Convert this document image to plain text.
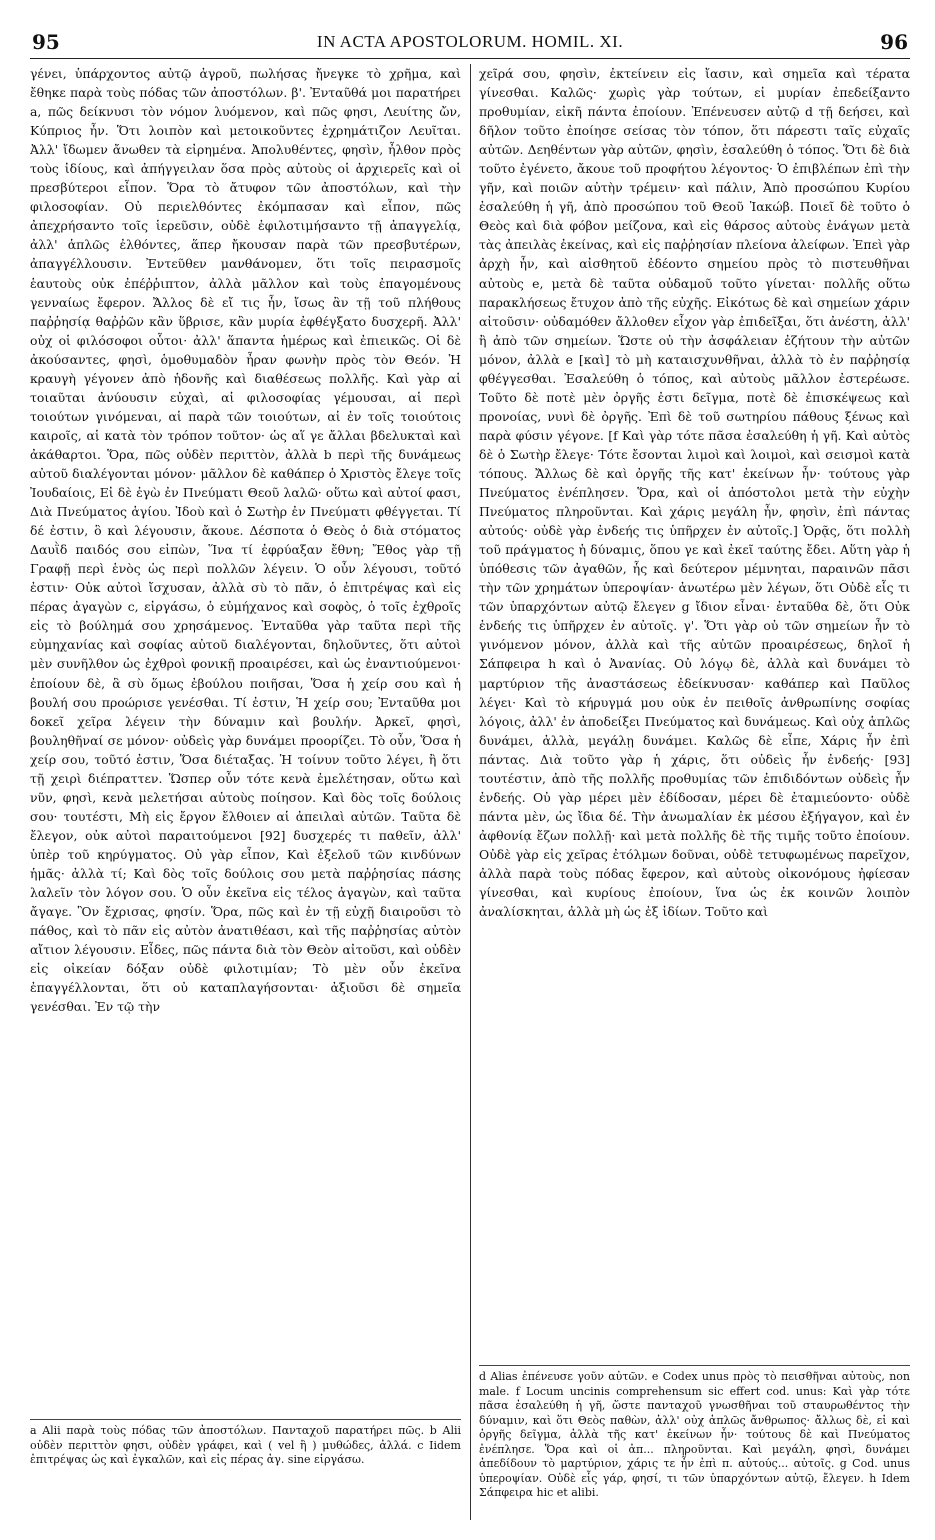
95	IN ACTA APOSTOLORUM. HOMIL. XI.	96

γένει, ὑπάρχοντος αὐτῷ ἀγροῦ, πωλήσας ἤνεγκε τὸ χρῆμα, καὶ ἔθηκε παρὰ τοὺς πόδας τῶν ἀποστόλων. β'. Ἐνταῦθά μοι παρατήρει a, πῶς δείκνυσι τὸν νόμον λυόμενον, καὶ πῶς φησι, Λευίτης ὤν, Κύπριος ἦν. Ὅτι λοιπὸν καὶ μετοικοῦντες ἐχρημάτιζον Λευῖται. Ἀλλ' ἴδωμεν ἄνωθεν τὰ εἰρημένα. Ἀπολυθέντες, φησὶν, ἦλθον πρὸς τοὺς ἰδίους, καὶ ἀπήγγειλαν ὅσα πρὸς αὐτοὺς οἱ ἀρχιερεῖς καὶ οἱ πρεσβύτεροι εἶπον. Ὅρα τὸ ἄτυφον τῶν ἀποστόλων, καὶ τὴν φιλοσοφίαν. Οὐ περιελθόντες ἐκόμπασαν καὶ εἶπον, πῶς ἀπεχρήσαντο τοῖς ἱερεῦσιν, οὐδὲ ἐφιλοτιμήσαντο τῇ ἀπαγγελίᾳ, ἀλλ' ἁπλῶς ἐλθόντες, ἅπερ ἤκουσαν παρὰ τῶν πρεσβυτέρων, ἀπαγγέλλουσιν. Ἐντεῦθεν μανθάνομεν, ὅτι τοῖς πειρασμοῖς ἑαυτοὺς οὐκ ἐπέῤῥιπτον, ἀλλὰ μᾶλλον καὶ τοὺς ἐπαγομένους γενναίως ἔφερον. Ἄλλος δὲ εἴ τις ἦν, ἴσως ἂν τῇ τοῦ πλήθους παῤῥησίᾳ θαῤῥῶν κἂν ὕβρισε, κἂν μυρία ἐφθέγξατο δυσχερῆ. Ἀλλ' οὐχ οἱ φιλόσοφοι οὗτοι· ἀλλ' ἅπαντα ἡμέρως καὶ ἐπιεικῶς. Οἱ δὲ ἀκούσαντες, φησὶ, ὁμοθυμαδὸν ἦραν φωνὴν πρὸς τὸν Θεόν. Ἡ κραυγὴ γέγονεν ἀπὸ ἡδονῆς καὶ διαθέσεως πολλῆς. Καὶ γὰρ αἱ τοιαῦται ἀνύουσιν εὐχαὶ, αἱ φιλοσοφίας γέμουσαι, αἱ περὶ τοιούτων γινόμεναι, αἱ παρὰ τῶν τοιούτων, αἱ ἐν τοῖς τοιούτοις καιροῖς, αἱ κατὰ τὸν τρόπον τοῦτον· ὡς αἵ γε ἄλλαι βδελυκταὶ καὶ ἀκάθαρτοι. Ὅρα, πῶς οὐδὲν περιττὸν, ἀλλὰ b περὶ τῆς δυνάμεως αὐτοῦ διαλέγονται μόνον· μᾶλλον δὲ καθάπερ ὁ Χριστὸς ἔλεγε τοῖς Ἰουδαίοις, Εἰ δὲ ἐγὼ ἐν Πνεύματι Θεοῦ λαλῶ· οὕτω καὶ αὐτοί φασι, Διὰ Πνεύματος ἁγίου. Ἰδοὺ καὶ ὁ Σωτὴρ ἐν Πνεύματι φθέγγεται. Τί δέ ἐστιν, ὃ καὶ λέγουσιν, ἄκουε. Δέσποτα ὁ Θεὸς ὁ διὰ στόματος Δαυῒδ παιδός σου εἰπὼν, Ἵνα τί ἐφρύαξαν ἔθνη; Ἔθος γὰρ τῇ Γραφῇ περὶ ἑνὸς ὡς περὶ πολλῶν λέγειν. Ὁ οὖν λέγουσι, τοῦτό ἐστιν· Οὐκ αὐτοὶ ἴσχυσαν, ἀλλὰ σὺ τὸ πᾶν, ὁ ἐπιτρέψας καὶ εἰς πέρας ἀγαγὼν c, εἰργάσω, ὁ εὐμήχανος καὶ σοφὸς, ὁ τοῖς ἐχθροῖς εἰς τὸ βούλημά σου χρησάμενος. Ἐνταῦθα γὰρ ταῦτα περὶ τῆς εὐμηχανίας καὶ σοφίας αὐτοῦ διαλέγονται, δηλοῦντες, ὅτι αὐτοὶ μὲν συνῆλθον ὡς ἐχθροὶ φονικῇ προαιρέσει, καὶ ὡς ἐναντιούμενοι· ἐποίουν δὲ, ἃ σὺ ὅμως ἐβούλου ποιῆσαι, Ὅσα ἡ χείρ σου καὶ ἡ βουλή σου προώρισε γενέσθαι. Τί ἐστιν, Ἡ χείρ σου; Ἐνταῦθα μοι δοκεῖ χεῖρα λέγειν τὴν δύναμιν καὶ βουλήν. Ἀρκεῖ, φησὶ, βουληθῆναί σε μόνον· οὐδεὶς γὰρ δυνάμει προορίζει. Τὸ οὖν, Ὅσα ἡ χείρ σου, τοῦτό ἐστιν, Ὅσα διέταξας. Ἡ τοίνυν τοῦτο λέγει, ἢ ὅτι τῇ χειρὶ διέπραττεν. Ὥσπερ οὖν τότε κενὰ ἐμελέτησαν, οὕτω καὶ νῦν, φησὶ, κενὰ μελετήσαι αὐτοὺς ποίησον. Καὶ δὸς τοῖς δούλοις σου· τουτέστι, Μὴ εἰς ἔργον ἔλθοιεν αἱ ἀπειλαὶ αὐτῶν. Ταῦτα δὲ ἔλεγον, οὐκ αὐτοὶ παραιτούμενοι [92] δυσχερές τι παθεῖν, ἀλλ' ὑπὲρ τοῦ κηρύγματος. Οὐ γὰρ εἶπον, Καὶ ἐξελοῦ τῶν κινδύνων ἡμᾶς· ἀλλὰ τί; Καὶ δὸς τοῖς δούλοις σου μετὰ παῤῥησίας πάσης λαλεῖν τὸν λόγον σου. Ὁ οὖν ἐκεῖνα εἰς τέλος ἀγαγὼν, καὶ ταῦτα ἄγαγε. Ὃν ἔχρισας, φησίν. Ὅρα, πῶς καὶ ἐν τῇ εὐχῇ διαιροῦσι τὸ πάθος, καὶ τὸ πᾶν εἰς αὐτὸν ἀνατιθέασι, καὶ τῆς παῤῥησίας αὐτὸν αἴτιον λέγουσιν. Εἶδες, πῶς πάντα διὰ τὸν Θεὸν αἰτοῦσι, καὶ οὐδὲν εἰς οἰκείαν δόξαν οὐδὲ φιλοτιμίαν; Τὸ μὲν οὖν ἐκεῖνα ἐπαγγέλλονται, ὅτι οὐ καταπλαγήσονται· ἀξιοῦσι δὲ σημεῖα γενέσθαι. Ἐν τῷ τὴν

a Alii παρὰ τοὺς πόδας τῶν ἀποστόλων. Πανταχοῦ παρατήρει πῶς. b Alii οὐδὲν περιττὸν φησι, οὐδὲν γράφει, καὶ ( vel ἢ ) μυθώδες, ἀλλά. c Iidem ἐπιτρέψας ὡς καὶ ἐγκαλῶν, καὶ εἰς πέρας ἀγ. sine εἰργάσω.

χεῖρά σου, φησὶν, ἐκτείνειν εἰς ἴασιν, καὶ σημεῖα καὶ τέρατα γίνεσθαι. Καλῶς· χωρὶς γὰρ τούτων, εἰ μυρίαν ἐπεδείξαντο προθυμίαν, εἰκῆ πάντα ἐποίουν. Ἐπένευσεν αὐτῷ d τῇ δεήσει, καὶ δῆλον τοῦτο ἐποίησε σείσας τὸν τόπον, ὅτι πάρεστι ταῖς εὐχαῖς αὐτῶν. Δεηθέντων γὰρ αὐτῶν, φησὶν, ἐσαλεύθη ὁ τόπος. Ὅτι δὲ διὰ τοῦτο ἐγένετο, ἄκουε τοῦ προφήτου λέγοντος· Ὁ ἐπιβλέπων ἐπὶ τὴν γῆν, καὶ ποιῶν αὐτὴν τρέμειν· καὶ πάλιν, Ἀπὸ προσώπου Κυρίου ἐσαλεύθη ἡ γῆ, ἀπὸ προσώπου τοῦ Θεοῦ Ἰακώβ. Ποιεῖ δὲ τοῦτο ὁ Θεὸς καὶ διὰ φόβον μείζονα, καὶ εἰς θάρσος αὐτοὺς ἐνάγων μετὰ τὰς ἀπειλὰς ἐκείνας, καὶ εἰς παῤῥησίαν πλείονα ἀλείφων. Ἐπεὶ γὰρ ἀρχὴ ἦν, καὶ αἰσθητοῦ ἐδέοντο σημείου πρὸς τὸ πιστευθῆναι αὐτοὺς e, μετὰ δὲ ταῦτα οὐδαμοῦ τοῦτο γίνεται· πολλῆς οὕτω παρακλήσεως ἔτυχον ἀπὸ τῆς εὐχῆς. Εἰκότως δὲ καὶ σημείων χάριν αἰτοῦσιν· οὐδαμόθεν ἄλλοθεν εἶχον γὰρ ἐπιδεῖξαι, ὅτι ἀνέστη, ἀλλ' ἢ ἀπὸ τῶν σημείων. Ὥστε οὐ τὴν ἀσφάλειαν ἐζήτουν τὴν αὐτῶν μόνον, ἀλλὰ e [καὶ] τὸ μὴ καταισχυνθῆναι, ἀλλὰ τὸ ἐν παῤῥησίᾳ φθέγγεσθαι. Ἐσαλεύθη ὁ τόπος, καὶ αὐτοὺς μᾶλλον ἐστερέωσε. Τοῦτο δὲ ποτὲ μὲν ὀργῆς ἐστι δεῖγμα, ποτὲ δὲ ἐπισκέψεως καὶ προνοίας, νυνὶ δὲ ὀργῆς. Ἐπὶ δὲ τοῦ σωτηρίου πάθους ξένως καὶ παρὰ φύσιν γέγονε. [f Καὶ γὰρ τότε πᾶσα ἐσαλεύθη ἡ γῆ. Καὶ αὐτὸς δὲ ὁ Σωτὴρ ἔλεγε· Τότε ἔσονται λιμοὶ καὶ λοιμοὶ, καὶ σεισμοὶ κατὰ τόπους. Ἄλλως δὲ καὶ ὀργῆς τῆς κατ' ἐκείνων ἦν· τούτους γὰρ Πνεύματος ἐνέπλησεν. Ὅρα, καὶ οἱ ἀπόστολοι μετὰ τὴν εὐχὴν Πνεύματος πληροῦνται. Καὶ χάρις μεγάλη ἦν, φησὶν, ἐπὶ πάντας αὐτούς· οὐδὲ γὰρ ἐνδεής τις ὑπῆρχεν ἐν αὐτοῖς.] Ὁρᾷς, ὅτι πολλὴ τοῦ πράγματος ἡ δύναμις, ὅπου γε καὶ ἐκεῖ ταύτης ἔδει. Αὕτη γὰρ ἡ ὑπόθεσις τῶν ἀγαθῶν, ἧς καὶ δεύτερον μέμνηται, παραινῶν πᾶσι τὴν τῶν χρημάτων ὑπεροψίαν· ἀνωτέρω μὲν λέγων, ὅτι Οὐδὲ εἷς τι τῶν ὑπαρχόντων αὐτῷ ἔλεγεν g ἴδιον εἶναι· ἐνταῦθα δὲ, ὅτι Οὐκ ἐνδεής τις ὑπῆρχεν ἐν αὐτοῖς. γ'. Ὅτι γὰρ οὐ τῶν σημείων ἦν τὸ γινόμενον μόνον, ἀλλὰ καὶ τῆς αὐτῶν προαιρέσεως, δηλοῖ ἡ Σάπφειρα h καὶ ὁ Ἀνανίας. Οὐ λόγῳ δὲ, ἀλλὰ καὶ δυνάμει τὸ μαρτύριον τῆς ἀναστάσεως ἐδείκνυσαν· καθάπερ καὶ Παῦλος λέγει· Καὶ τὸ κήρυγμά μου οὐκ ἐν πειθοῖς ἀνθρωπίνης σοφίας λόγοις, ἀλλ' ἐν ἀποδείξει Πνεύματος καὶ δυνάμεως. Καὶ οὐχ ἁπλῶς δυνάμει, ἀλλὰ, μεγάλῃ δυνάμει. Καλῶς δὲ εἶπε, Χάρις ἦν ἐπὶ πάντας. Διὰ τοῦτο γὰρ ἡ χάρις, ὅτι οὐδεὶς ἦν ἐνδεής· [93] τουτέστιν, ἀπὸ τῆς πολλῆς προθυμίας τῶν ἐπιδιδόντων οὐδεὶς ἦν ἐνδεής. Οὐ γὰρ μέρει μὲν ἐδίδοσαν, μέρει δὲ ἐταμιεύοντο· οὐδὲ πάντα μὲν, ὡς ἴδια δέ. Τὴν ἀνωμαλίαν ἐκ μέσου ἐξήγαγον, καὶ ἐν ἀφθονίᾳ ἔζων πολλῇ· καὶ μετὰ πολλῆς δὲ τῆς τιμῆς τοῦτο ἐποίουν. Οὐδὲ γὰρ εἰς χεῖρας ἐτόλμων δοῦναι, οὐδὲ τετυφωμένως παρεῖχον, ἀλλὰ παρὰ τοὺς πόδας ἔφερον, καὶ αὐτοὺς οἰκονόμους ἠφίεσαν γίνεσθαι, καὶ κυρίους ἐποίουν, ἵνα ὡς ἐκ κοινῶν λοιπὸν ἀναλίσκηται, ἀλλὰ μὴ ὡς ἐξ ἰδίων. Τοῦτο καὶ

d Alias ἐπένευσε γοῦν αὐτῶν. e Codex unus πρὸς τὸ πεισθῆναι αὐτοὺς, non male. f Locum uncinis comprehensum sic effert cod. unus: Καὶ γὰρ τότε πᾶσα ἐσαλεύθη ἡ γῆ, ὥστε πανταχοῦ γνωσθῆναι τοῦ σταυρωθέντος τὴν δύναμιν, καὶ ὅτι Θεὸς παθὼν, ἀλλ' οὐχ ἁπλῶς ἄνθρωπος· ἄλλως δὲ, εἰ καὶ ὀργῆς δεῖγμα, ἀλλὰ τῆς κατ' ἐκείνων ἦν· τούτους δὲ καὶ Πνεύματος ἐνέπλησε. Ὅρα καὶ οἱ ἀπ... πληροῦνται. Καὶ μεγάλη, φησὶ, δυνάμει ἀπεδίδουν τὸ μαρτύριον, χάρις τε ἦν ἐπὶ π. αὐτούς... αὐτοῖς. g Cod. unus ὑπεροψίαν. Οὐδὲ εἷς γάρ, φησί, τι τῶν ὑπαρχόντων αὐτῷ, ἔλεγεν. h Idem Σάπφειρα hic et alibi.
